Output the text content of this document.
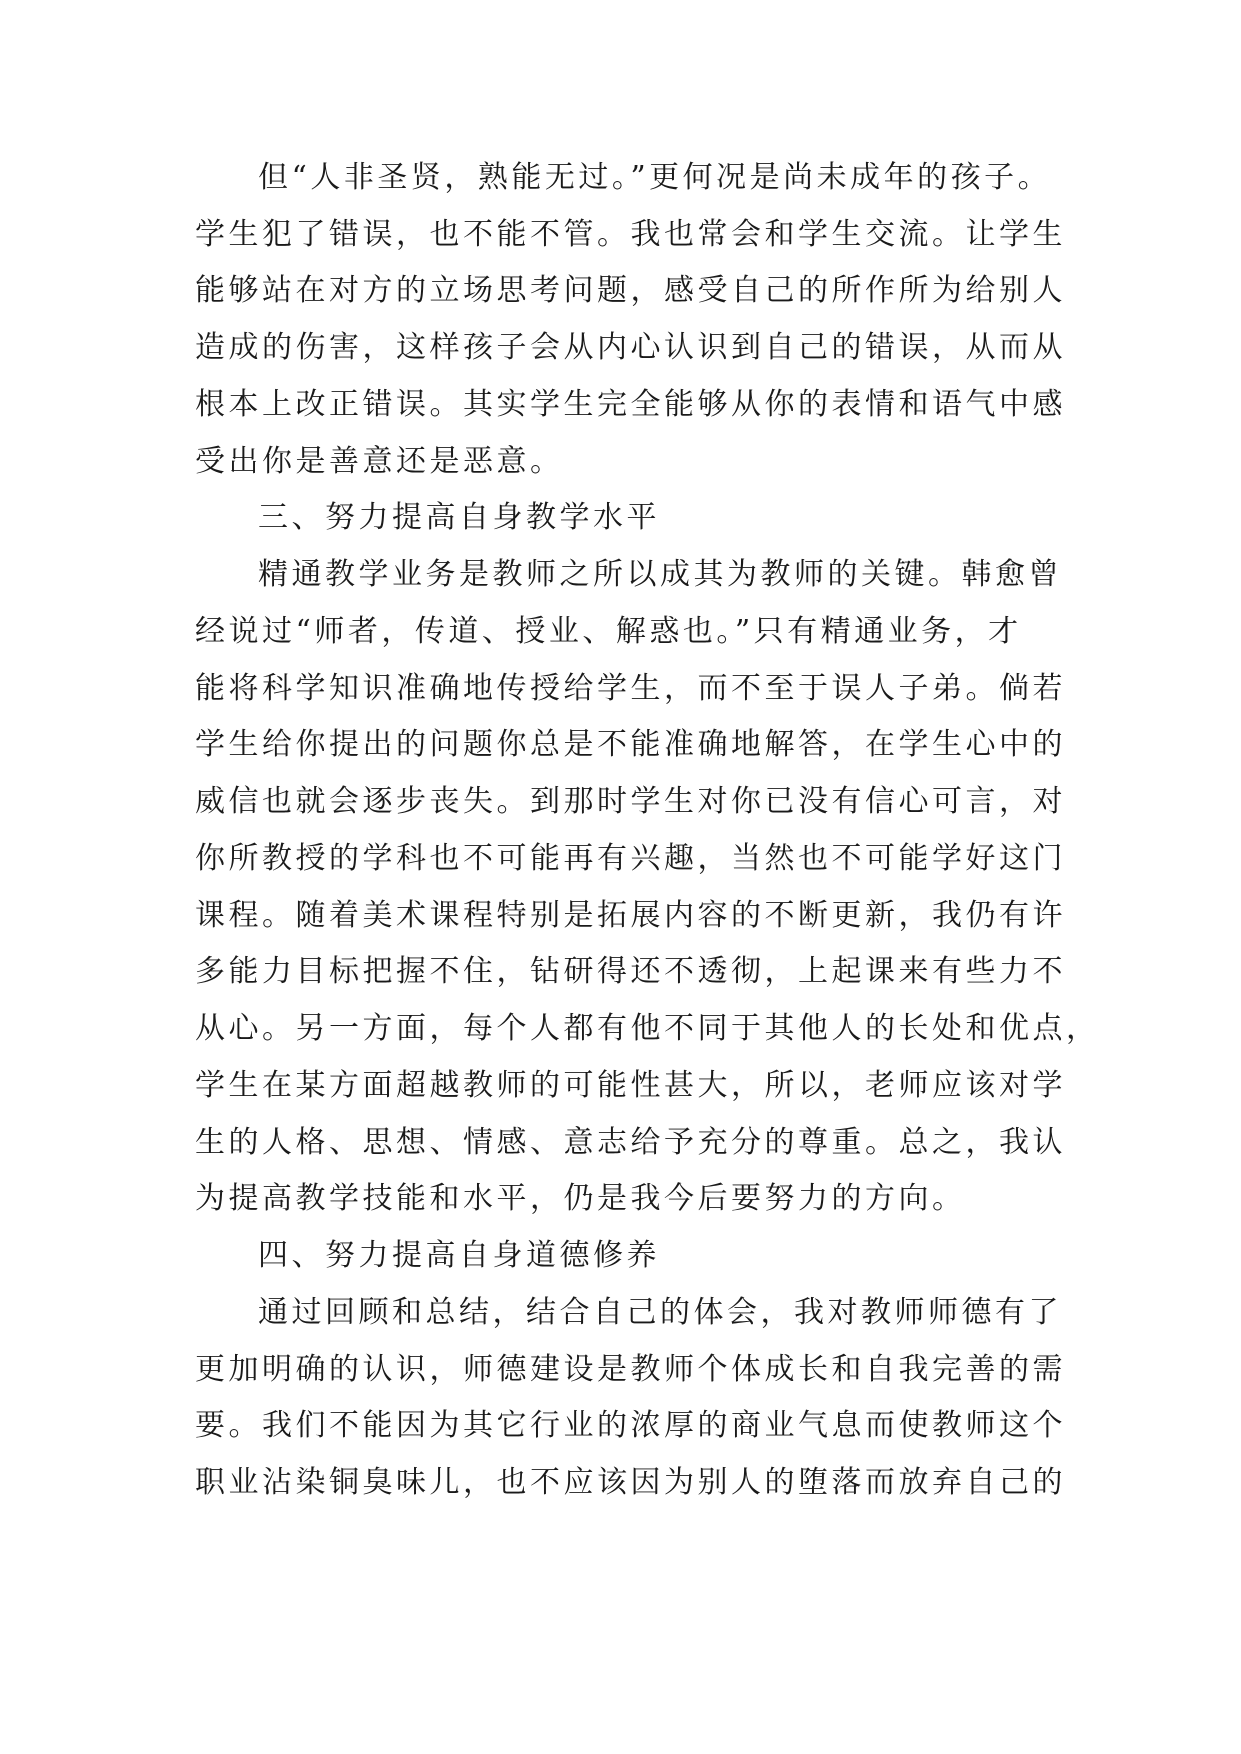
但“人非圣贤，熟能无过。”更何况是尚未成年的孩子。
学生犯了错误，也不能不管。我也常会和学生交流。让学生
能够站在对方的立场思考问题，感受自己的所作所为给别人
造成的伤害，这样孩子会从内心认识到自己的错误，从而从
根本上改正错误。其实学生完全能够从你的表情和语气中感
受出你是善意还是恶意。
三、努力提高自身教学水平
精通教学业务是教师之所以成其为教师的关键。韩愈曾
经说过“师者，传道、授业、解惑也。”只有精通业务，才
能将科学知识准确地传授给学生，而不至于误人子弟。倘若
学生给你提出的问题你总是不能准确地解答，在学生心中的
威信也就会逐步丧失。到那时学生对你已没有信心可言，对
你所教授的学科也不可能再有兴趣，当然也不可能学好这门
课程。随着美术课程特别是拓展内容的不断更新，我仍有许
多能力目标把握不住，钻研得还不透彻，上起课来有些力不
从心。另一方面，每个人都有他不同于其他人的长处和优点，
学生在某方面超越教师的可能性甚大，所以，老师应该对学
生的人格、思想、情感、意志给予充分的尊重。总之，我认
为提高教学技能和水平，仍是我今后要努力的方向。
四、努力提高自身道德修养
通过回顾和总结，结合自己的体会，我对教师师德有了
更加明确的认识，师德建设是教师个体成长和自我完善的需
要。我们不能因为其它行业的浓厚的商业气息而使教师这个
职业沾染铜臭味儿，也不应该因为别人的堕落而放弃自己的
